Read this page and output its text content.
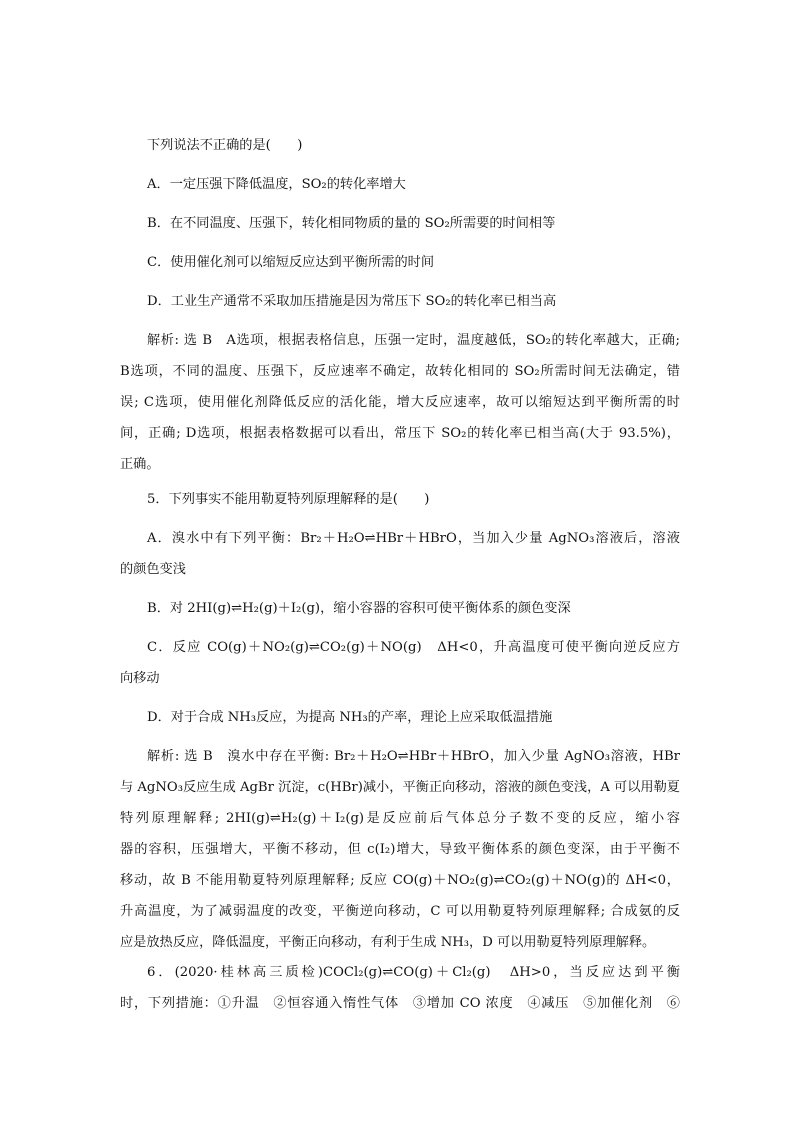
下列说法不正确的是(　　)
A．一定压强下降低温度，SO₂的转化率增大
B．在不同温度、压强下，转化相同物质的量的 SO₂所需要的时间相等
C．使用催化剂可以缩短反应达到平衡所需的时间
D．工业生产通常不采取加压措施是因为常压下 SO₂的转化率已相当高
解析: 选 B　A选项，根据表格信息，压强一定时，温度越低，SO₂的转化率越大，正确;
B选项，不同的温度、压强下，反应速率不确定，故转化相同的 SO₂所需时间无法确定，错
误; C选项，使用催化剂降低反应的活化能，增大反应速率，故可以缩短达到平衡所需的时
间，正确; D选项，根据表格数据可以看出，常压下 SO₂的转化率已相当高(大于 93.5%)，
正确。
5．下列事实不能用勒夏特列原理解释的是(　　)
A．溴水中有下列平衡：Br₂＋H₂O⇌HBr＋HBrO，当加入少量 AgNO₃溶液后，溶液
的颜色变浅
B．对 2HI(g)⇌H₂(g)＋I₂(g)，缩小容器的容积可使平衡体系的颜色变深
C．反应 CO(g)＋NO₂(g)⇌CO₂(g)＋NO(g)　ΔH<0，升高温度可使平衡向逆反应方
向移动
D．对于合成 NH₃反应，为提高 NH₃的产率，理论上应采取低温措施
解析: 选 B　溴水中存在平衡: Br₂＋H₂O⇌HBr＋HBrO，加入少量 AgNO₃溶液，HBr
与 AgNO₃反应生成 AgBr 沉淀，c(HBr)减小，平衡正向移动，溶液的颜色变浅，A 可以用勒夏
特列原理解释; 2HI(g)⇌H₂(g)＋I₂(g)是反应前后气体总分子数不变的反应，缩小容
器的容积，压强增大，平衡不移动，但 c(I₂)增大，导致平衡体系的颜色变深，由于平衡不
移动，故 B 不能用勒夏特列原理解释; 反应 CO(g)＋NO₂(g)⇌CO₂(g)＋NO(g)的 ΔH<0，
升高温度，为了减弱温度的改变，平衡逆向移动，C 可以用勒夏特列原理解释; 合成氨的反
应是放热反应，降低温度，平衡正向移动，有利于生成 NH₃，D 可以用勒夏特列原理解释。
6．(2020·桂林高三质检)COCl₂(g)⇌CO(g)＋Cl₂(g)　ΔH>0，当反应达到平衡
时，下列措施：①升温　②恒容通入惰性气体　③增加 CO 浓度　④减压　⑤加催化剂　⑥
